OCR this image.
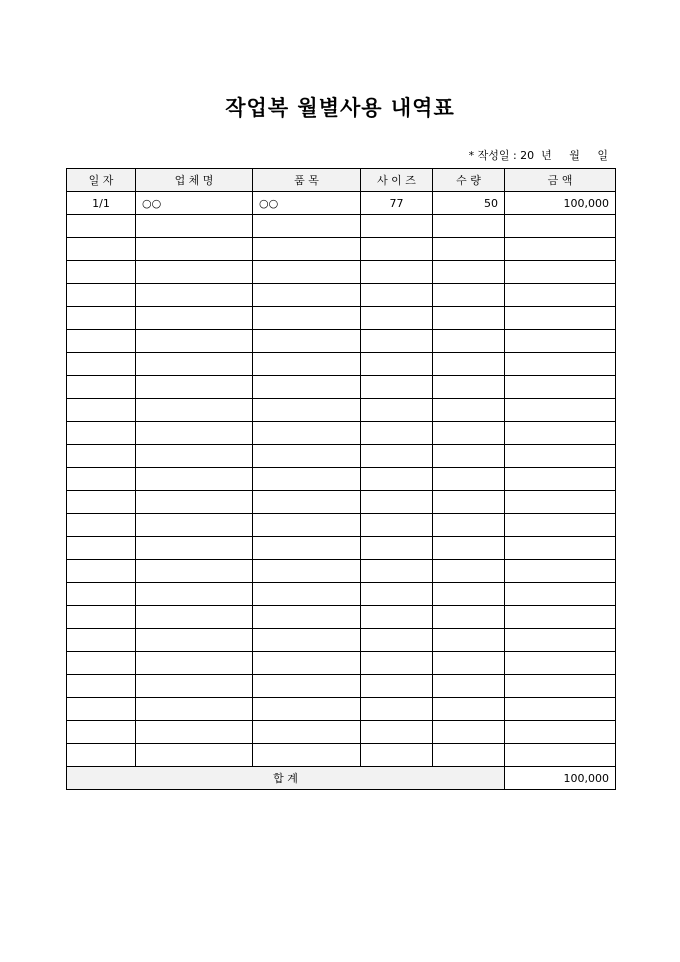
작업복 월별사용 내역표
* 작성일 : 20  년     월     일
일 자	업 체 명	품 목	사 이 즈	수 량	금 액
1/1	○○	○○	77	50	100,000

합 계					100,000
